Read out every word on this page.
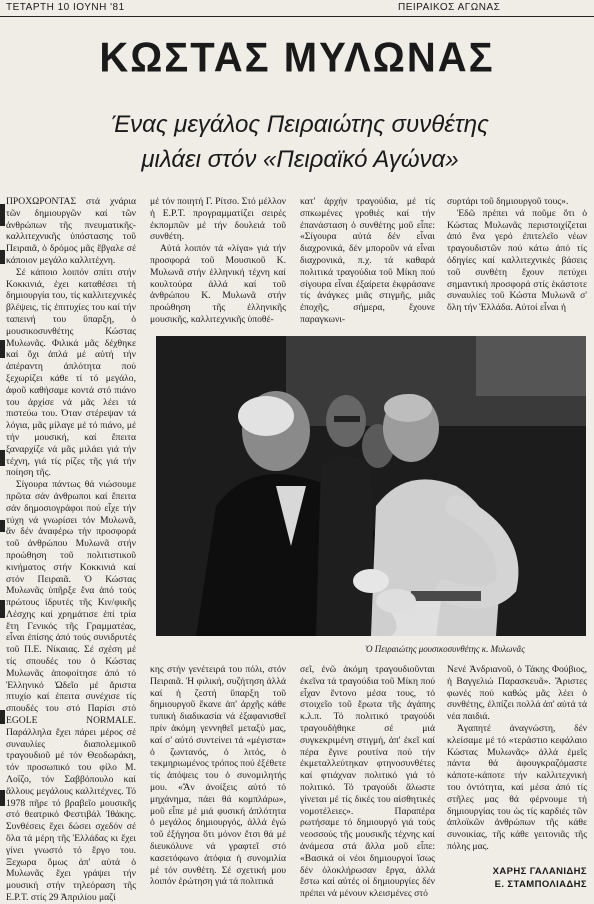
ΤΕΤΑΡΤΗ 10 ΙΟΥΝΗ '81	ΠΕΙΡΑΙΚΟΣ ΑΓΩΝΑΣ
ΚΩΣΤΑΣ ΜΥΛΩΝΑΣ
Ένας μεγάλος Πειραιώτης συνθέτης
μιλάει στόν «Πειραϊκό Αγώνα»

ΠΡΟΧΩΡΟΝΤΑΣ στά χνάρια τῶν δημιουργῶν καί τῶν ἀνθρώπων τῆς πνευματικῆς-καλλιτεχνικῆς ὑπόστασης τοῦ Πειραιᾶ, ὁ δρόμος μᾶς ἔβγαλε σέ κάποιον μεγάλο καλλιτέχνη.

Σέ κάποιο λοιπόν σπίτι στήν Κοκκινιά, ἐχει καταθέσει τή δημιουργία του, τίς καλλιτεχνικές βλέψεις, τίς ἐπιτυχίες του καί τήν ταπεινή του ὕπαρξη, ὁ μουσικοσυνθέτης Κώστας Μυλωνᾶς. Φιλικά μᾶς δέχθηκε καί ὄχι ἁπλά μέ αὐτή τήν ἀπέραντη ἁπλότητα πού ξεχωρίζει κάθε τί τό μεγάλο, ἀφοῦ καθήσαμε κοντά στό πιάνο του ἀρχίσε νά μᾶς λέει τά πιστεύω του. Όταν στέρεψαν τά λόγια, μᾶς μίλαγε μέ τό πιάνο, μέ τήν μουσική, καί ἔπειτα ξαναρχίζε νά μᾶς μιλάει γιά τήν τέχνη, γιά τίς ρίζες τῆς γιά τήν ποίηση τῆς.

Σίγουρα πάντως θά νιώσουμε πρῶτα σάν ἀνθρωποι καί ἔπειτα σάν δημοσιογράφοι πού εἶχε τήν τύχη νά γνωρίσει τόν Μυλωνᾶ, ἄν δέν ἀναφέρω τήν προσφορά τοῦ ἀνθρώπου Μυλωνᾶ στήν προώθηση τοῦ πολιτιστικοῦ κινήματος στήν Κοκκινιά καί στόν Πειραιᾶ. Ὁ Κώστας Μυλωνᾶς ὑπῆρξε ἕνα ἀπό τούς πρώτους ἱδρυτές τῆς Κιν/φικῆς Λέσχης καί χρημάτισε ἐπί τρία ἔτη Γενικός τῆς Γραμματέας, εἶναι ἐπίσης ἀπό τούς συνιδρυτές τοῦ Π.Ε. Νίκαιας. Σέ σχέση μέ τίς σπουδές του ὁ Κώστας Μυλωνᾶς ἀποφοίτησε ἀπό τό Ἑλληνικό Ὠδεῖο μέ ἄριστα πτυχίο καί ἐπειτα συνέχισε τίς σπουδές του στό Παρίσι στό EGOLE NORMALE. Παράλληλα ἔχει πάρει μέρος σέ συναυλίες διαπολεμικοῦ τραγουδιοῦ μέ τόν Θεοδωράκη, τόν προσωπικό του φίλο Μ. Λοΐζο, τόν Σαββόπουλο καί ἄλλους μεγάλους καλλιτέχνες. Τό 1978 πῆρε τό βραβεῖο μουσικῆς στό θεατρικό Φεστιβάλ Ἰθάκης. Συνθέσεις ἔχει δώσει σχεδόν σέ ὅλα τά μέρη τῆς Ἑλλάδας κι ἔχει γίνει γνωστό τό ἔργο του. Ξεχωρα ὅμως ἀπ' αὐτά ὁ Μυλωνᾶς ἔχει γράψει τήν μουσική στήν τηλεόραση τῆς Ε.Ρ.Τ. στίς 29 Ἀπριλίου μαζί

μέ τόν ποιητή Γ. Ρίτσο. Στό μέλλον ἡ Ε.Ρ.Τ. προγραμματίζει σειρές ἐκπομπῶν μέ τήν δουλειά τοῦ συνθέτη.

Αὐτά λοιπόν τά «λίγα» γιά τήν προσφορά τοῦ Μουσικοῦ Κ. Μυλωνᾶ στήν ἑλληνική τέχνη καί κουλτούρα ἀλλά καί τοῦ ἀνθρώπου Κ. Μυλωνᾶ στήν προώθηση τῆς ἑλληνικῆς μουσικῆς, καλλιτεχνικῆς ὑποθέ-

κατ' ἀρχήν τραγούδια, μέ τίς σπκωμένες γροθιές καί τήν ἐπανάσταση ὁ συνθέτης μοῦ εἶπε: «Σίγουρα αὐτά δέν εἶναι διαχρονικά, δέν μποροῦν νά εἶναι διαχρονικά, π.χ. τά καθαρά πολιτικά τραγούδια τοῦ Μίκη πού σίγουρα εἶναι ἐξαίρετα ἐκφράσανε τίς ἀνάγκες μιᾶς στιγμῆς, μιᾶς ἐποχῆς, σήμερα, ἔχουνε παραγκωνι-

συρτάρι τοῦ δημιουργοῦ τους».

Ἐδῶ πρέπει νά ποῦμε ὅτι ὁ Κώστας Μυλωνᾶς περιστοιχίζεται ἀπό ἕνα γερό ἐπιτελεῖο νέων τραγουδιστῶν πού κάτω ἀπό τίς ὁδηγίες καί καλλιτεχνικές βάσεις τοῦ συνθέτη ἔχουν πετύχει σημαντική προσφορά στίς ἑκάστοτε συναυλίες τοῦ Κώστα Μυλωνᾶ σ' ὅλη τήν Ἑλλάδα. Αὐτοί εἶναι ἡ

Ὁ Πειραιώτης μουσικοσυνθέτης κ. Μυλωνᾶς

κης στήν γενέτειρά του πόλι, στόν Πειραιᾶ. Ἡ φιλική, συζήτηση ἀλλά καί ἡ ζεστή ὕπαρξη τοῦ δημιουργοῦ ἔκανε ἀπ' ἀρχῆς κάθε τυπική διαδικασία νά ἐξαφανισθεῖ πρίν ἀκόμη γεννηθεῖ μεταξύ μας, καί σ' αὐτό συντείνει τά «μέγιστα» ὁ ζωντανός, ὁ λιτός, ὁ τεκμηριωμένος τρόπος πού ἐξέθετε τίς ἀπόψεις του ὁ συνομιλητής μου. «Ἄν ἀνοίξεις αὐτό τό μηχάνημα, πάει θά κομπλάρω», μοῦ εἶπε μέ μιά φυσική ἁπλότητα ὁ μεγάλος δημιουργός, ἀλλά ἐγώ τοῦ ἐξήγησα ὅτι μόνον ἔτσι θά μέ διευκόλυνε νά γραφτεῖ στό κασετόφωνο ἀτόφια ἡ συνομιλία μέ τόν συνθέτη. Σέ σχετική μου λοιπόν ἐρώτηση γιά τά πολιτικά

σεῖ, ἐνῶ ἀκόμη τραγουδιοῦνται ἐκεῖνα τά τραγούδια τοῦ Μίκη πού εἶχαν ἔντονο μέσα τους, τό στοιχεῖο τοῦ ἔρωτα τῆς ἀγάπης κ.λ.π. Τό πολιτικό τραγούδι τραγουδήθηκε σέ μιά συγκεκριμένη στιγμή, ἀπ' ἐκεῖ καί πέρα ἔγινε ρουτίνα πού τήν ἐκμεταλλεύτηκαν φτηνοσυνθέτες καί φτιάχναν πολιτικό γιά τό πολιτικό. Τό τραγούδι ἄλωστε γίνεται μέ τίς δικές του αἰσθητικές νομοτέλειες». Παραπέρα ρωτήσαμε τό δημιουργό γιά τούς νεοσσούς τῆς μουσικῆς τέχνης καί ἀνάμεσα στά ἄλλα μοῦ εἶπε: «Βασικά οἱ νέοι δημιουργοί ἴσως δέν ὁλοκλήρωσαν ἔργα, ἀλλά ἔστω καί αὐτές οἱ δημιουργίες δέν πρέπει νά μένουν κλεισμένες στό

Νενέ Ἀνδριανοῦ, ὁ Τάκης Φούβιος, ἡ Βαγγελιώ Παρασκευᾶ». Ἄριστες φωνές πού καθώς μᾶς λέει ὁ συνθέτης, ἐλπίζει πολλά ἀπ' αὐτά τά νέα παιδιά.

Ἀγαπητέ ἀναγνώστη, δέν κλείσαμε μέ τό «τεράστιο κεφάλαιο Κώστας Μυλωνᾶς» ἀλλά ἐμεῖς πάντα θά ἀφουγκραζόμαστε κάποτε-κάποτε τήν καλλιτεχνική του ὀντότητα, καί μέσα ἀπό τίς στῆλες μας θά φέρνουμε τή δημιουργίας του ὡς τίς καρδιές τῶν ἁπλοϊκῶν ἀνθρώπων τῆς κάθε συνοικίας, τῆς κάθε γειτονιᾶς τῆς πόλης μας.

ΧΑΡΗΣ ΓΑΛΑΝΙΔΗΣ
Ε. ΣΤΑΜΠΟΛΙΑΔΗΣ
